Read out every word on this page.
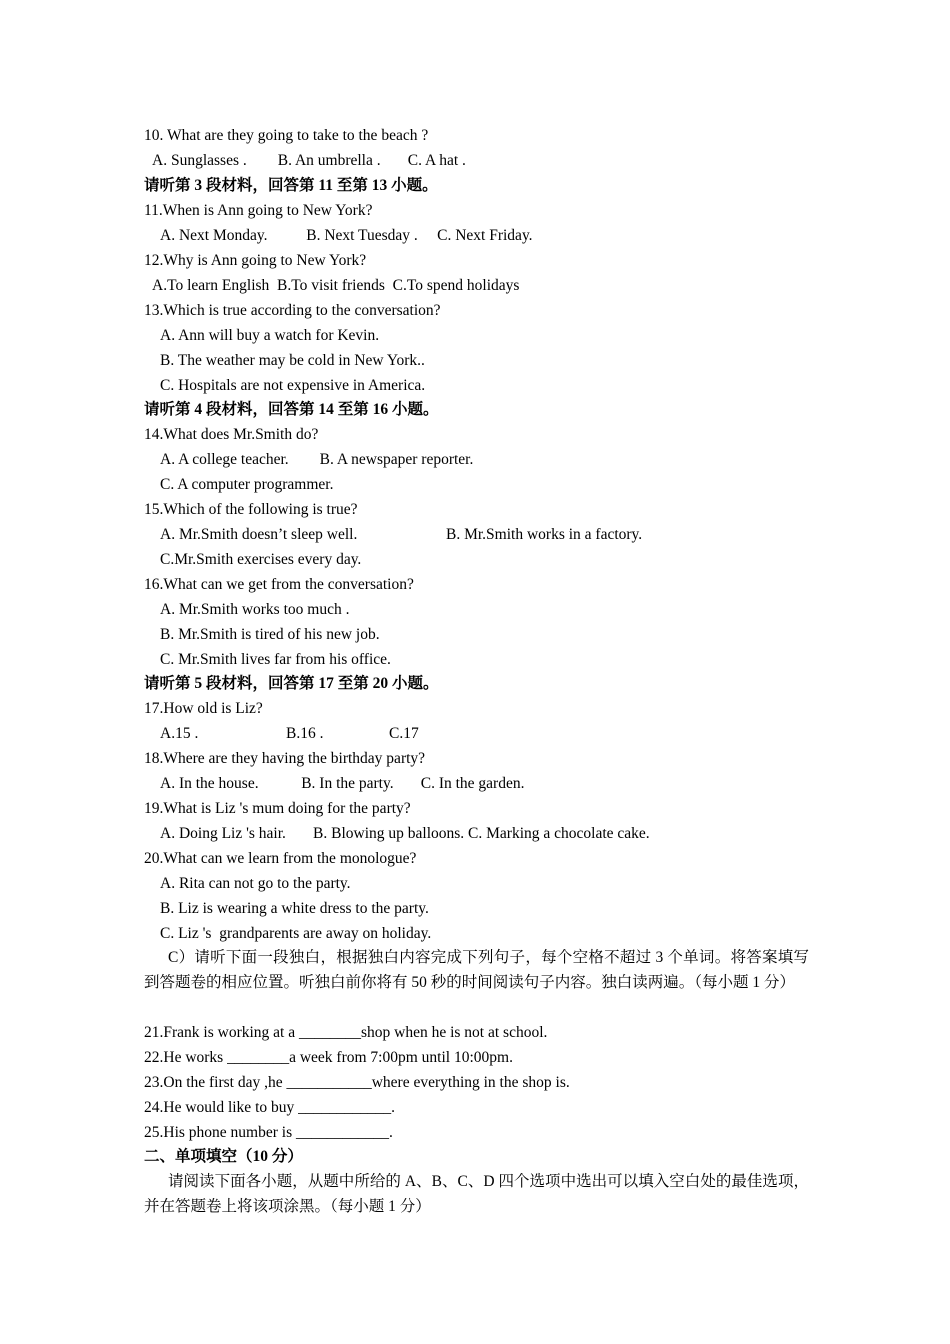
10. What are they going to take to the beach ?
A. Sunglasses .        B. An umbrella .       C. A hat .
请听第 3 段材料，回答第 11 至第 13 小题。
11.When is Ann going to New York?
A. Next Monday.          B. Next Tuesday .     C. Next Friday.
12.Why is Ann going to New York?
A.To learn English  B.To visit friends  C.To spend holidays
13.Which is true according to the conversation?
A. Ann will buy a watch for Kevin.
B. The weather may be cold in New York..
C. Hospitals are not expensive in America.
请听第 4 段材料，回答第 14 至第 16 小题。
14.What does Mr.Smith do?
A. A college teacher.        B. A newspaper reporter.
C. A computer programmer.
15.Which of the following is true?
A. Mr.Smith doesn’t sleep well.	B. Mr.Smith works in a factory.
C.Mr.Smith exercises every day.
16.What can we get from the conversation?
A. Mr.Smith works too much .
B. Mr.Smith is tired of his new job.
C. Mr.Smith lives far from his office.
请听第 5 段材料，回答第 17 至第 20 小题。
17.How old is Liz?
A.15 .	B.16 .	C.17
18.Where are they having the birthday party?
A. In the house.           B. In the party.       C. In the garden.
19.What is Liz 's mum doing for the party?
A. Doing Liz 's hair.       B. Blowing up balloons. C. Marking a chocolate cake.
20.What can we learn from the monologue?
A. Rita can not go to the party.
B. Liz is wearing a white dress to the party.
C. Liz 's  grandparents are away on holiday.
C）请听下面一段独白，根据独白内容完成下列句子，每个空格不超过 3 个单词。将答案填写到答题卷的相应位置。听独白前你将有 50 秒的时间阅读句子内容。独白读两遍。（每小题 1 分）
21.Frank is working at a ________shop when he is not at school.
22.He works ________a week from 7:00pm until 10:00pm.
23.On the first day ,he ___________where everything in the shop is.
24.He would like to buy ____________.
25.His phone number is ____________.
二、单项填空（10 分）
请阅读下面各小题，从题中所给的 A、B、C、D 四个选项中选出可以填入空白处的最佳选项，并在答题卷上将该项涂黑。（每小题 1 分）
